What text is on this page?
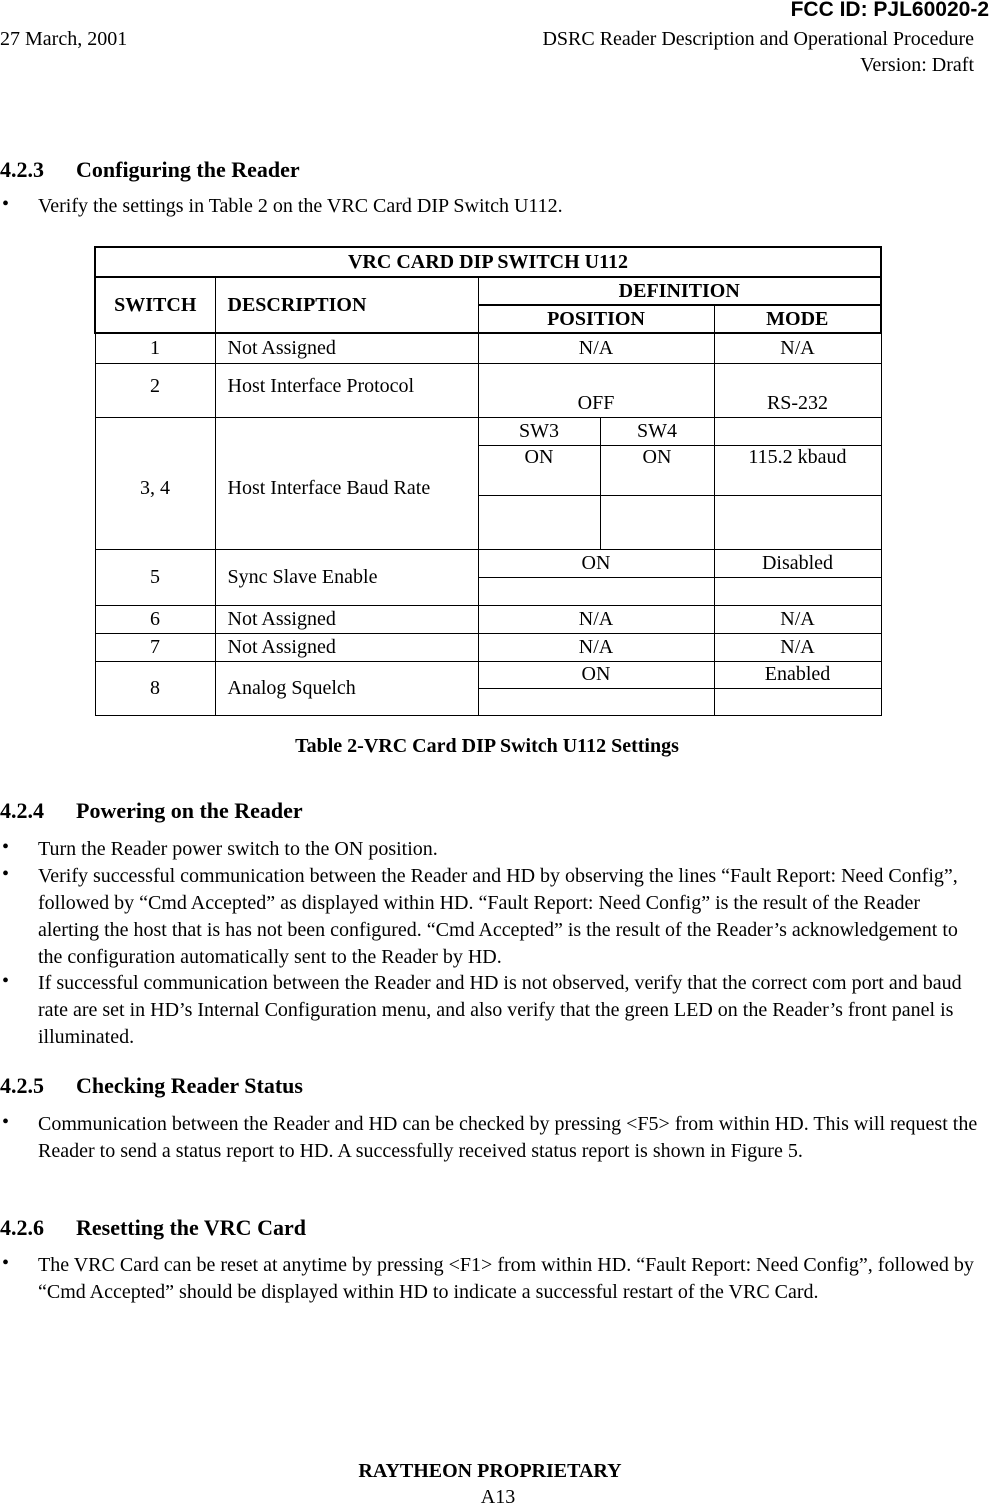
FCC ID: PJL60020-2
27 March, 2001	DSRC Reader Description and Operational Procedure
Version: Draft
4.2.3 Configuring the Reader
• Verify the settings in Table 2 on the VRC Card DIP Switch U112.
VRC CARD DIP SWITCH U112				
SWITCH	DESCRIPTION	DEFINITION		
		POSITION		MODE
1	Not Assigned	N/A		N/A
2	Host Interface Protocol	OFF		RS-232
3, 4	Host Interface Baud Rate	SW3	SW4	
		ON	ON	115.2 kbaud

5	Sync Slave Enable	ON		Disabled

6	Not Assigned	N/A		N/A
7	Not Assigned	N/A		N/A
8	Analog Squelch	ON		Enabled

Table 2-VRC Card DIP Switch U112 Settings
4.2.4 Powering on the Reader
• Turn the Reader power switch to the ON position.
• Verify successful communication between the Reader and HD by observing the lines “Fault Report: Need Config”, followed by “Cmd Accepted” as displayed within HD. “Fault Report: Need Config” is the result of the Reader alerting the host that is has not been configured. “Cmd Accepted” is the result of the Reader’s acknowledgement to the configuration automatically sent to the Reader by HD.
• If successful communication between the Reader and HD is not observed, verify that the correct com port and baud rate are set in HD’s Internal Configuration menu, and also verify that the green LED on the Reader’s front panel is illuminated.
4.2.5 Checking Reader Status
• Communication between the Reader and HD can be checked by pressing <F5> from within HD. This will request the Reader to send a status report to HD. A successfully received status report is shown in Figure 5.
4.2.6 Resetting the VRC Card
• The VRC Card can be reset at anytime by pressing <F1> from within HD. “Fault Report: Need Config”, followed by “Cmd Accepted” should be displayed within HD to indicate a successful restart of the VRC Card.
RAYTHEON PROPRIETARY
A13
